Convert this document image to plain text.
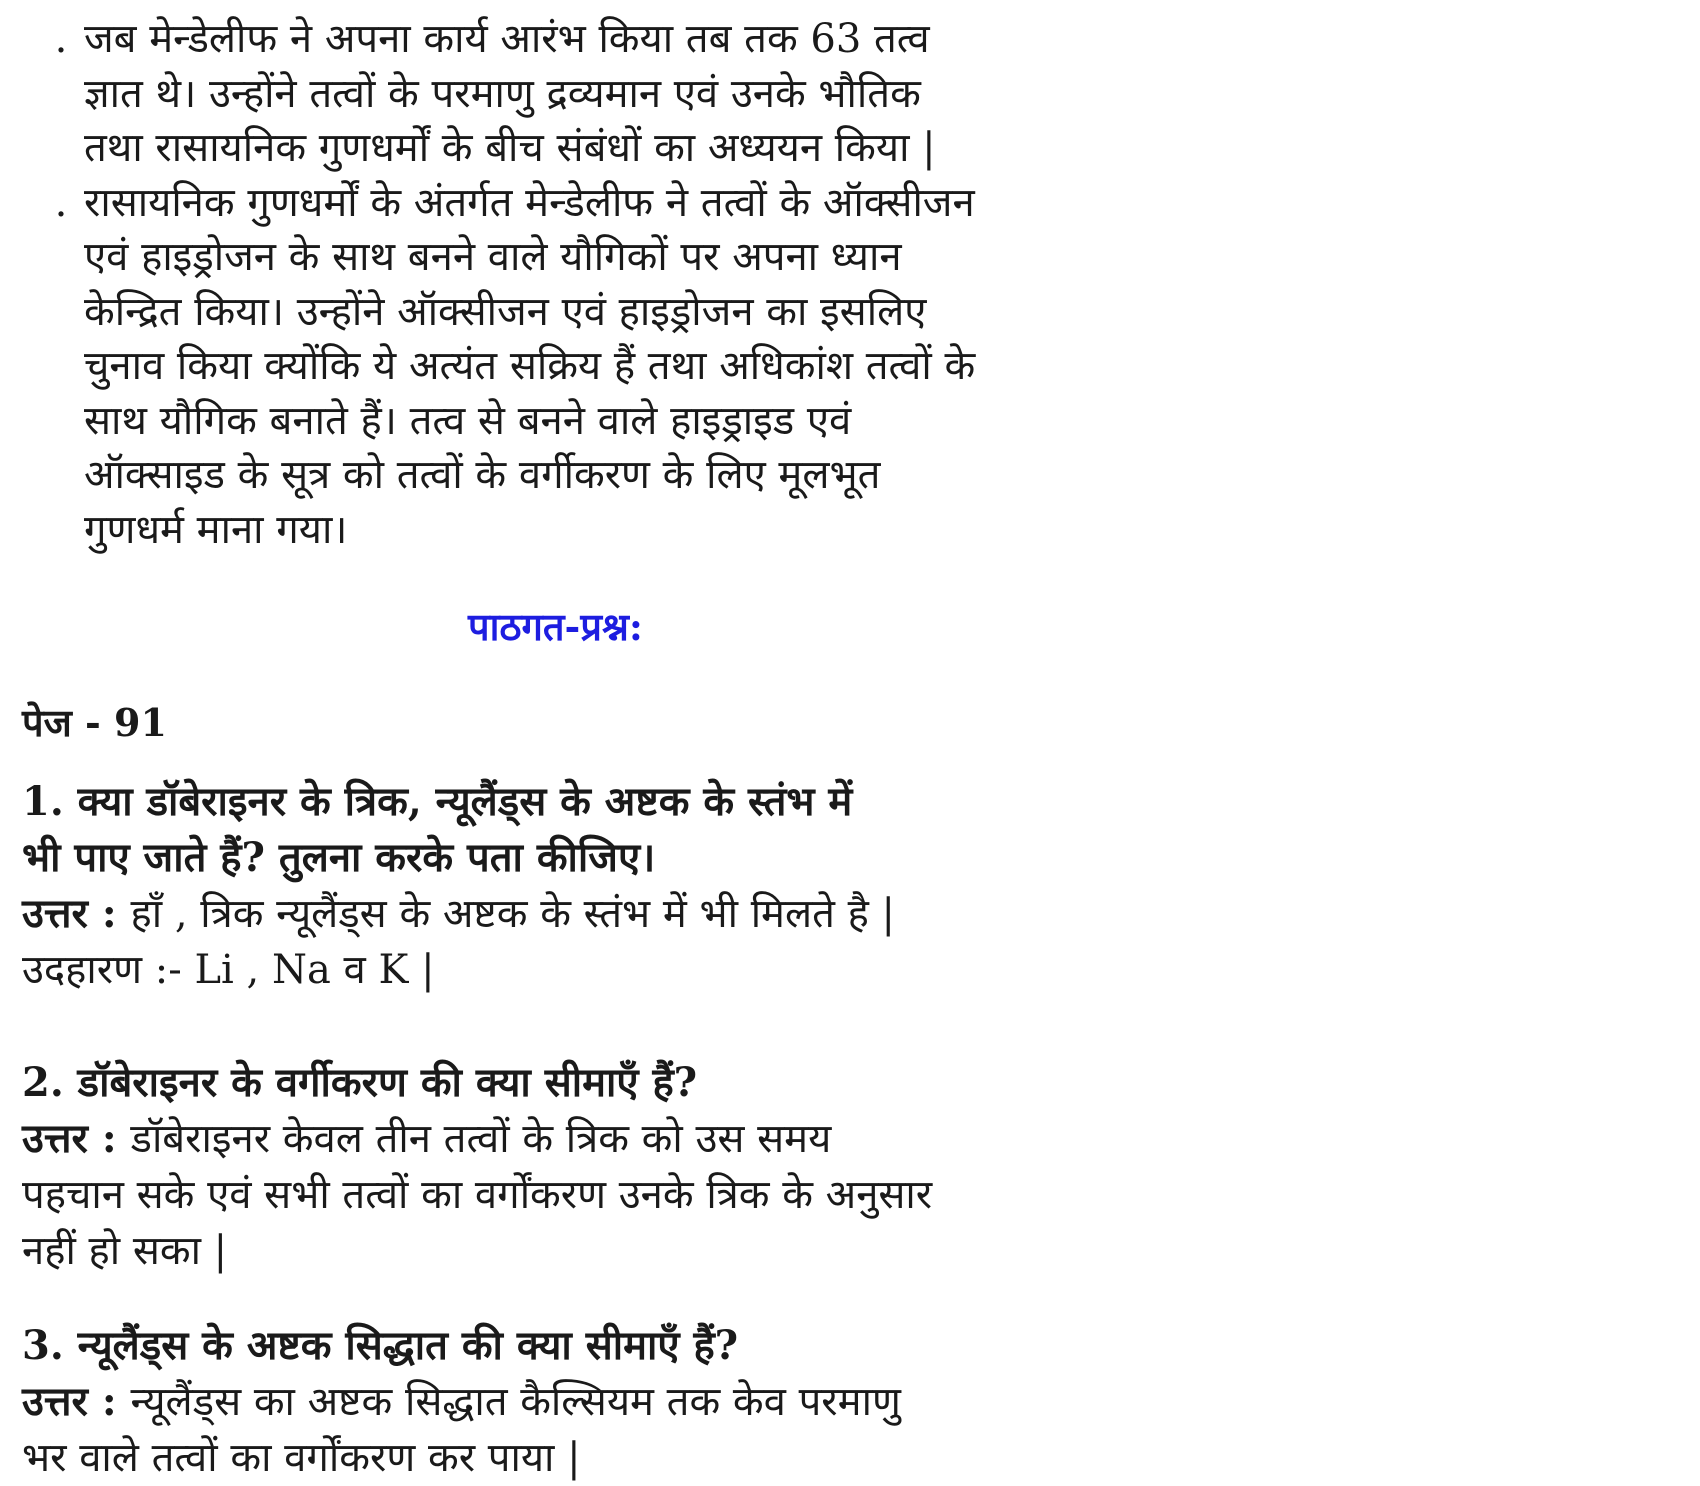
. जब मेन्डेलीफ ने अपना कार्य आरंभ किया तब तक 63 तत्व
ज्ञात थे। उन्होंने तत्वों के परमाणु द्रव्यमान एवं उनके भौतिक
तथा रासायनिक गुणधर्मों के बीच संबंधों का अध्ययन किया |
. रासायनिक गुणधर्मों के अंतर्गत मेन्डेलीफ ने तत्वों के ऑक्सीजन
एवं हाइड्रोजन के साथ बनने वाले यौगिकों पर अपना ध्यान
केन्द्रित किया। उन्होंने ऑक्सीजन एवं हाइड्रोजन का इसलिए
चुनाव किया क्योंकि ये अत्यंत सक्रिय हैं तथा अधिकांश तत्वों के
साथ यौगिक बनाते हैं। तत्व से बनने वाले हाइड्राइड एवं
ऑक्साइड के सूत्र को तत्वों के वर्गीकरण के लिए मूलभूत
गुणधर्म माना गया।
पाठगत-प्रश्न:
पेज - 91
1. क्या डॉबेराइनर के त्रिक, न्यूलैंड्स के अष्टक के स्तंभ में
भी पाए जाते हैं? तुलना करके पता कीजिए।
उत्तर : हाँ , त्रिक न्यूलैंड्स के अष्टक के स्तंभ में भी मिलते है |
उदहारण :- Li , Na व K |
2. डॉबेराइनर के वर्गीकरण की क्या सीमाएँ हैं?
उत्तर : डॉबेराइनर केवल तीन तत्वों के त्रिक को उस समय
पहचान सके एवं सभी तत्वों का वर्गोंकरण उनके त्रिक के अनुसार
नहीं हो सका |
3. न्यूलैंड्स के अष्टक सिद्धात की क्या सीमाएँ हैं?
उत्तर : न्यूलैंड्स का अष्टक सिद्धात कैल्सियम तक केव परमाणु
भर वाले तत्वों का वर्गोंकरण कर पाया |
